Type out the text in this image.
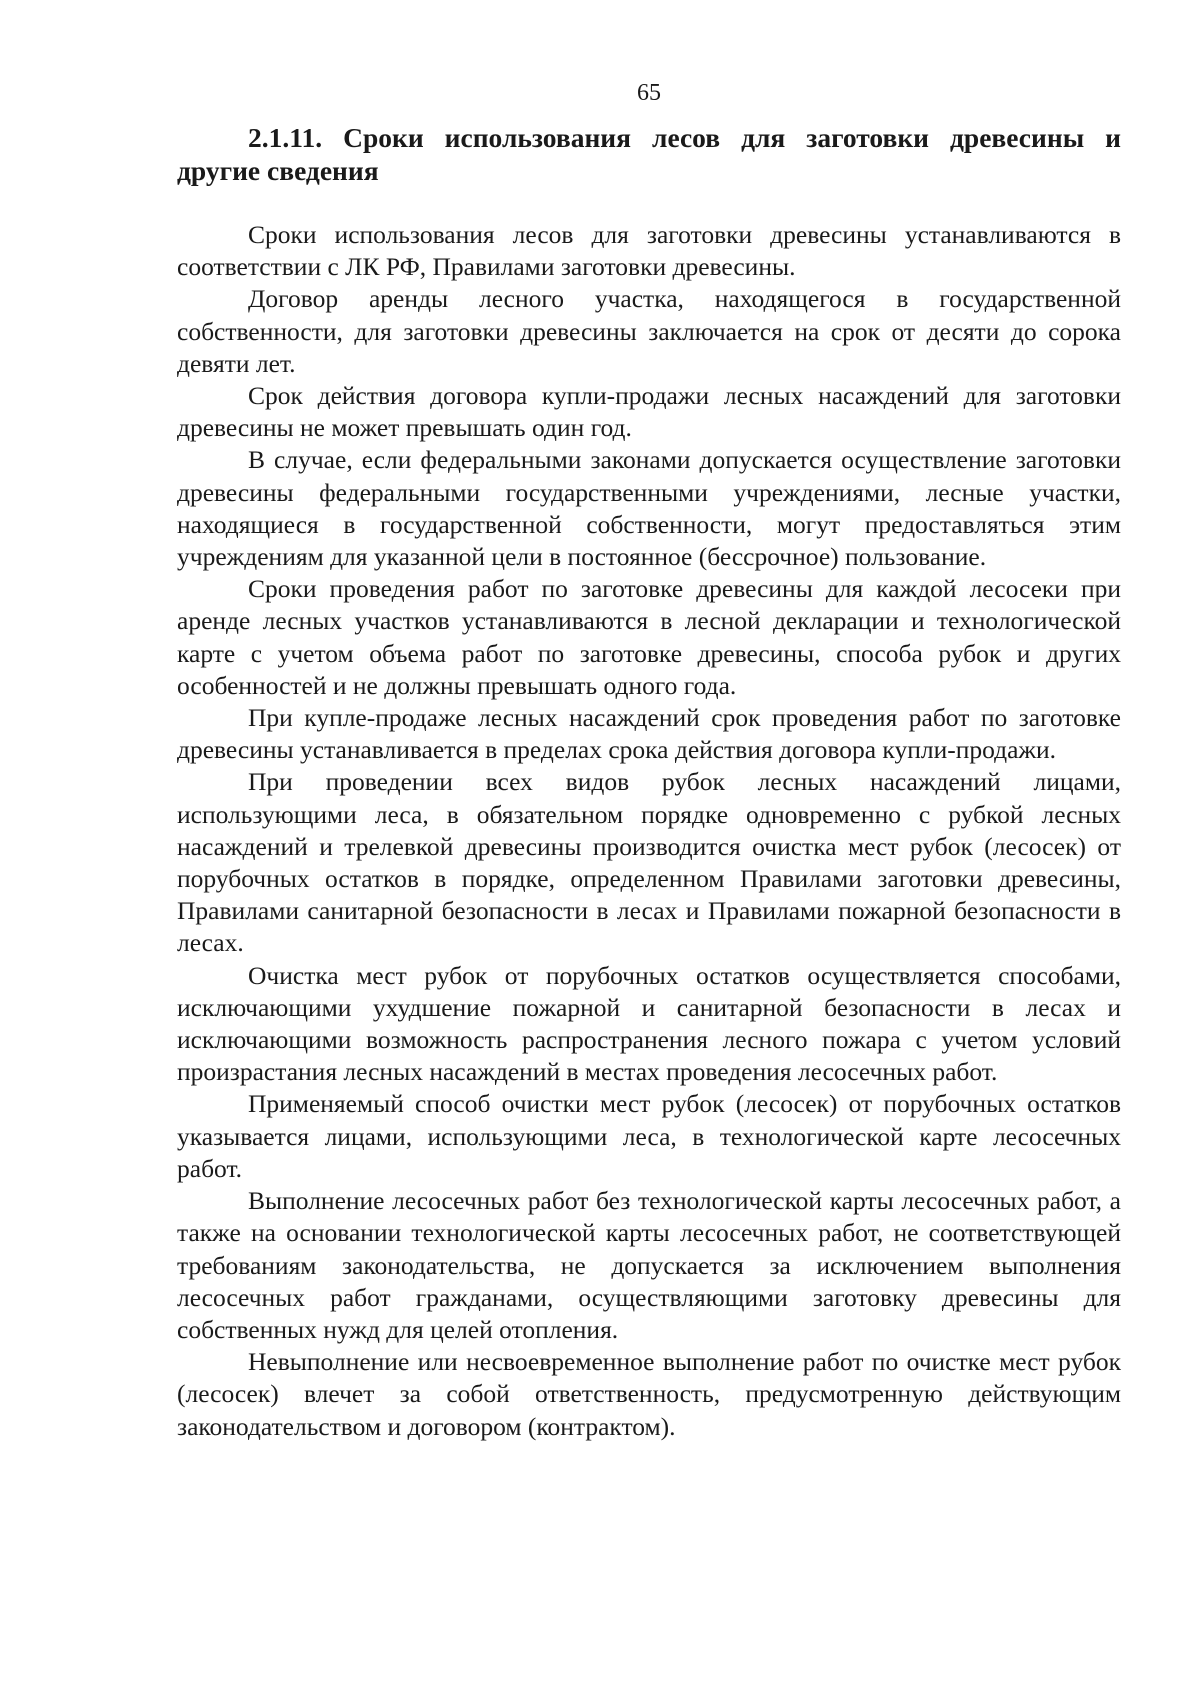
65
2.1.11. Сроки использования лесов для заготовки древесины и
другие сведения

Сроки использования лесов для заготовки древесины устанавливаются в соответствии с ЛК РФ, Правилами заготовки древесины.

Договор аренды лесного участка, находящегося в государственной собственности, для заготовки древесины заключается на срок от десяти до сорока девяти лет.

Срок действия договора купли-продажи лесных насаждений для заготовки древесины не может превышать один год.

В случае, если федеральными законами допускается осуществление заготовки древесины федеральными государственными учреждениями, лесные участки, находящиеся в государственной собственности, могут предоставляться этим учреждениям для указанной цели в постоянное (бессрочное) пользование.

Сроки проведения работ по заготовке древесины для каждой лесосеки при аренде лесных участков устанавливаются в лесной декларации и технологической карте с учетом объема работ по заготовке древесины, способа рубок и других особенностей и не должны превышать одного года.

При купле-продаже лесных насаждений срок проведения работ по заготовке древесины устанавливается в пределах срока действия договора купли-продажи.

При проведении всех видов рубок лесных насаждений лицами, использующими леса, в обязательном порядке одновременно с рубкой лесных насаждений и трелевкой древесины производится очистка мест рубок (лесосек) от порубочных остатков в порядке, определенном Правилами заготовки древесины, Правилами санитарной безопасности в лесах и Правилами пожарной безопасности в лесах.

Очистка мест рубок от порубочных остатков осуществляется способами, исключающими ухудшение пожарной и санитарной безопасности в лесах и исключающими возможность распространения лесного пожара с учетом условий произрастания лесных насаждений в местах проведения лесосечных работ.

Применяемый способ очистки мест рубок (лесосек) от порубочных остатков указывается лицами, использующими леса, в технологической карте лесосечных работ.

Выполнение лесосечных работ без технологической карты лесосечных работ, а также на основании технологической карты лесосечных работ, не соответствующей требованиям законодательства, не допускается за исключением выполнения лесосечных работ гражданами, осуществляющими заготовку древесины для собственных нужд для целей отопления.

Невыполнение или несвоевременное выполнение работ по очистке мест рубок (лесосек) влечет за собой ответственность, предусмотренную действующим законодательством и договором (контрактом).
